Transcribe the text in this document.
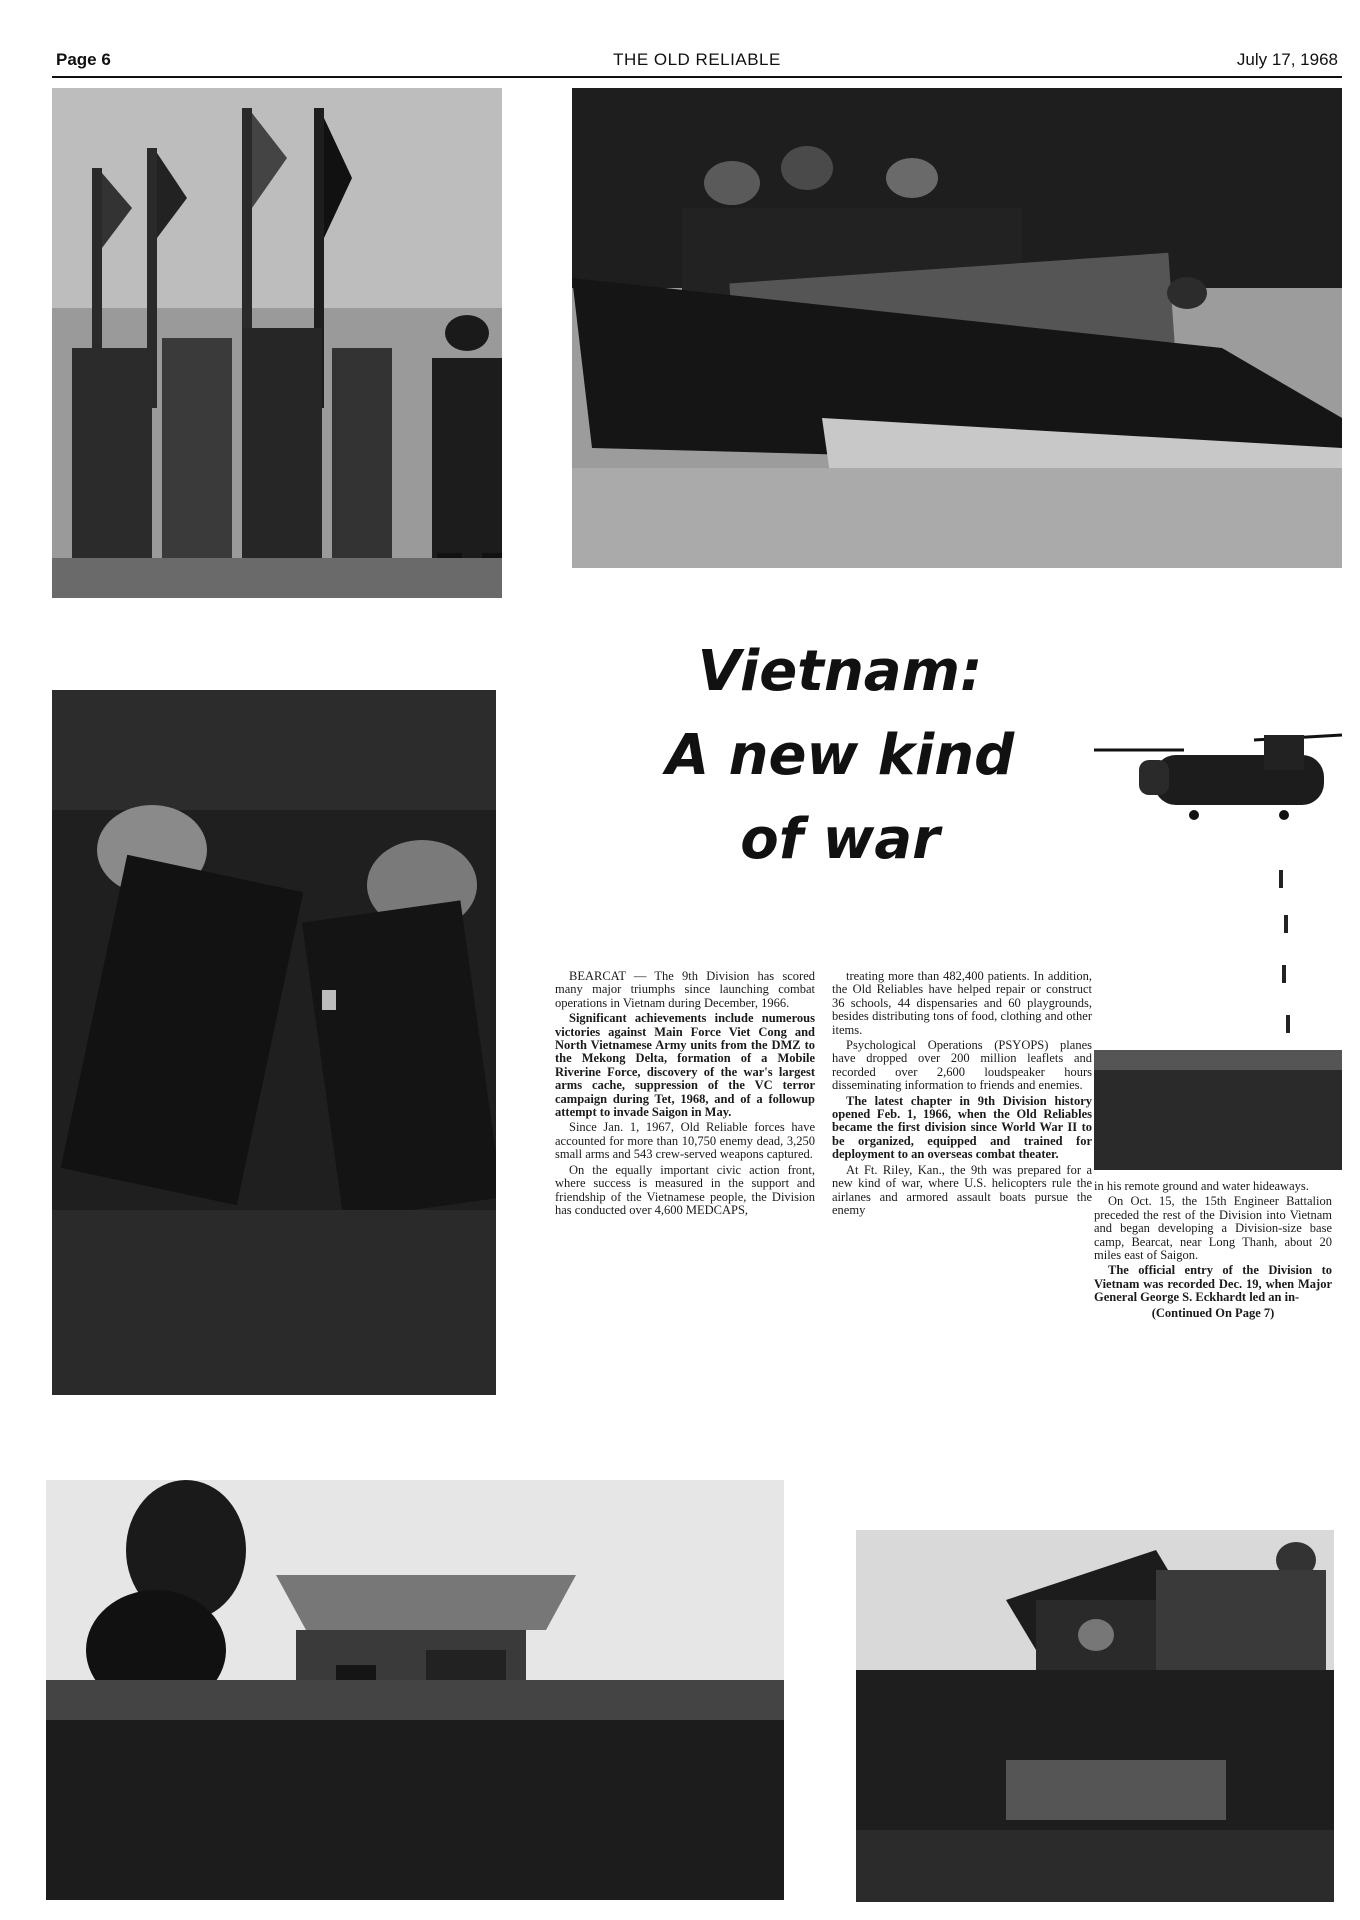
Page 6	THE OLD RELIABLE	July 17, 1968
Vietnam:
A new kind
of war

BEARCAT — The 9th Division has scored many major triumphs since launching combat operations in Vietnam during December, 1966.

Significant achievements include numerous victories against Main Force Viet Cong and North Vietnamese Army units from the DMZ to the Mekong Delta, formation of a Mobile Riverine Force, discovery of the war's largest arms cache, suppression of the VC terror campaign during Tet, 1968, and of a followup attempt to invade Saigon in May.

Since Jan. 1, 1967, Old Reliable forces have accounted for more than 10,750 enemy dead, 3,250 small arms and 543 crew-served weapons captured.

On the equally important civic action front, where success is measured in the support and friendship of the Vietnamese people, the Division has conducted over 4,600 MEDCAPS,

treating more than 482,400 patients. In addition, the Old Reliables have helped repair or construct 36 schools, 44 dispensaries and 60 playgrounds, besides distributing tons of food, clothing and other items.

Psychological Operations (PSYOPS) planes have dropped over 200 million leaflets and recorded over 2,600 loudspeaker hours disseminating information to friends and enemies.

The latest chapter in 9th Division history opened Feb. 1, 1966, when the Old Reliables became the first division since World War II to be organized, equipped and trained for deployment to an overseas combat theater.

At Ft. Riley, Kan., the 9th was prepared for a new kind of war, where U.S. helicopters rule the airlanes and armored assault boats pursue the enemy

in his remote ground and water hideaways.

On Oct. 15, the 15th Engineer Battalion preceded the rest of the Division into Vietnam and began developing a Division-size base camp, Bearcat, near Long Thanh, about 20 miles east of Saigon.

The official entry of the Division to Vietnam was recorded Dec. 19, when Major General George S. Eckhardt led an in-

(Continued On Page 7)
